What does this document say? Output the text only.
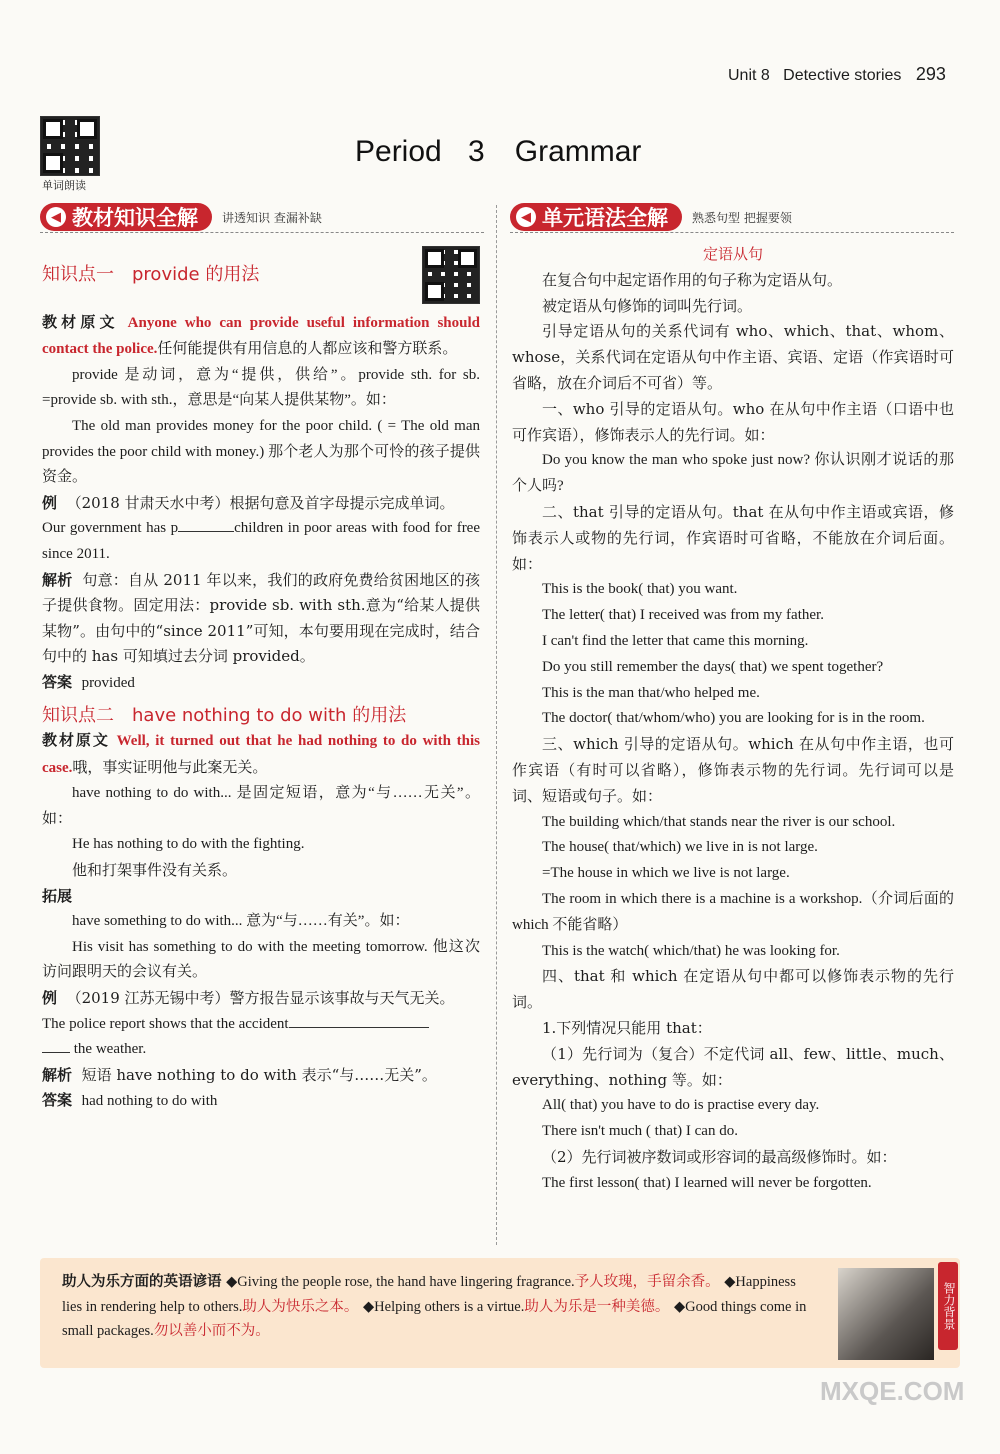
Unit 8 Detective stories 293
单词朗读
Period 3　Grammar
◀ 教材知识全解 讲透知识 查漏补缺	◀ 单元语法全解 熟悉句型 把握要领

知识点一　provide 的用法

教材原文 Anyone who can provide useful information should contact the police.任何能提供有用信息的人都应该和警方联系。

provide 是动词，意为“提供，供给”。provide sth. for sb. =provide sb. with sth.，意思是“向某人提供某物”。如：

The old man provides money for the poor child. ( = The old man provides the poor child with money.) 那个老人为那个可怜的孩子提供资金。

例 （2018 甘肃天水中考）根据句意及首字母提示完成单词。

Our government has p	children in poor areas with food for free since 2011.

解析 句意：自从 2011 年以来，我们的政府免费给贫困地区的孩子提供食物。固定用法：provide sb. with sth.意为“给某人提供某物”。由句中的“since 2011”可知，本句要用现在完成时，结合句中的 has 可知填过去分词 provided。

答案 provided

知识点二　have nothing to do with 的用法

教材原文 Well, it turned out that he had nothing to do with this case.哦，事实证明他与此案无关。

have nothing to do with... 是固定短语，意为“与……无关”。如：

He has nothing to do with the fighting.

他和打架事件没有关系。

拓展

have something to do with... 意为“与……有关”。如：

His visit has something to do with the meeting tomorrow. 他这次访问跟明天的会议有关。

例 （2019 江苏无锡中考）警方报告显示该事故与天气无关。

The police report shows that the accident
the weather.

解析 短语 have nothing to do with 表示“与……无关”。

答案 had nothing to do with

定语从句

在复合句中起定语作用的句子称为定语从句。

被定语从句修饰的词叫先行词。

引导定语从句的关系代词有 who、which、that、whom、whose，关系代词在定语从句中作主语、宾语、定语（作宾语时可省略，放在介词后不可省）等。

一、who 引导的定语从句。who 在从句中作主语（口语中也可作宾语），修饰表示人的先行词。如：

Do you know the man who spoke just now? 你认识刚才说话的那个人吗?

二、that 引导的定语从句。that 在从句中作主语或宾语，修饰表示人或物的先行词，作宾语时可省略，不能放在介词后面。如：

This is the book( that) you want.

The letter( that) I received was from my father.

I can't find the letter that came this morning.

Do you still remember the days( that) we spent together?

This is the man that/who helped me.

The doctor( that/whom/who) you are looking for is in the room.

三、which 引导的定语从句。which 在从句中作主语，也可作宾语（有时可以省略），修饰表示物的先行词。先行词可以是词、短语或句子。如：

The building which/that stands near the river is our school.

The house( that/which) we live in is not large.

=The house in which we live is not large.

The room in which there is a machine is a workshop.（介词后面的 which 不能省略）

This is the watch( which/that) he was looking for.

四、that 和 which 在定语从句中都可以修饰表示物的先行词。

1.下列情况只能用 that：

（1）先行词为（复合）不定代词 all、few、little、much、everything、nothing 等。如：

All( that) you have to do is practise every day.

There isn't much ( that) I can do.

（2）先行词被序数词或形容词的最高级修饰时。如：

The first lesson( that) I learned will never be forgotten.

助人为乐方面的英语谚语 ◆Giving the people rose, the hand have lingering fragrance.予人玫瑰，手留余香。 ◆Happiness lies in rendering help to others.助人为快乐之本。 ◆Helping others is a virtue.助人为乐是一种美德。 ◆Good things come in small packages.勿以善小而不为。
智力背景
MXQE.COM
